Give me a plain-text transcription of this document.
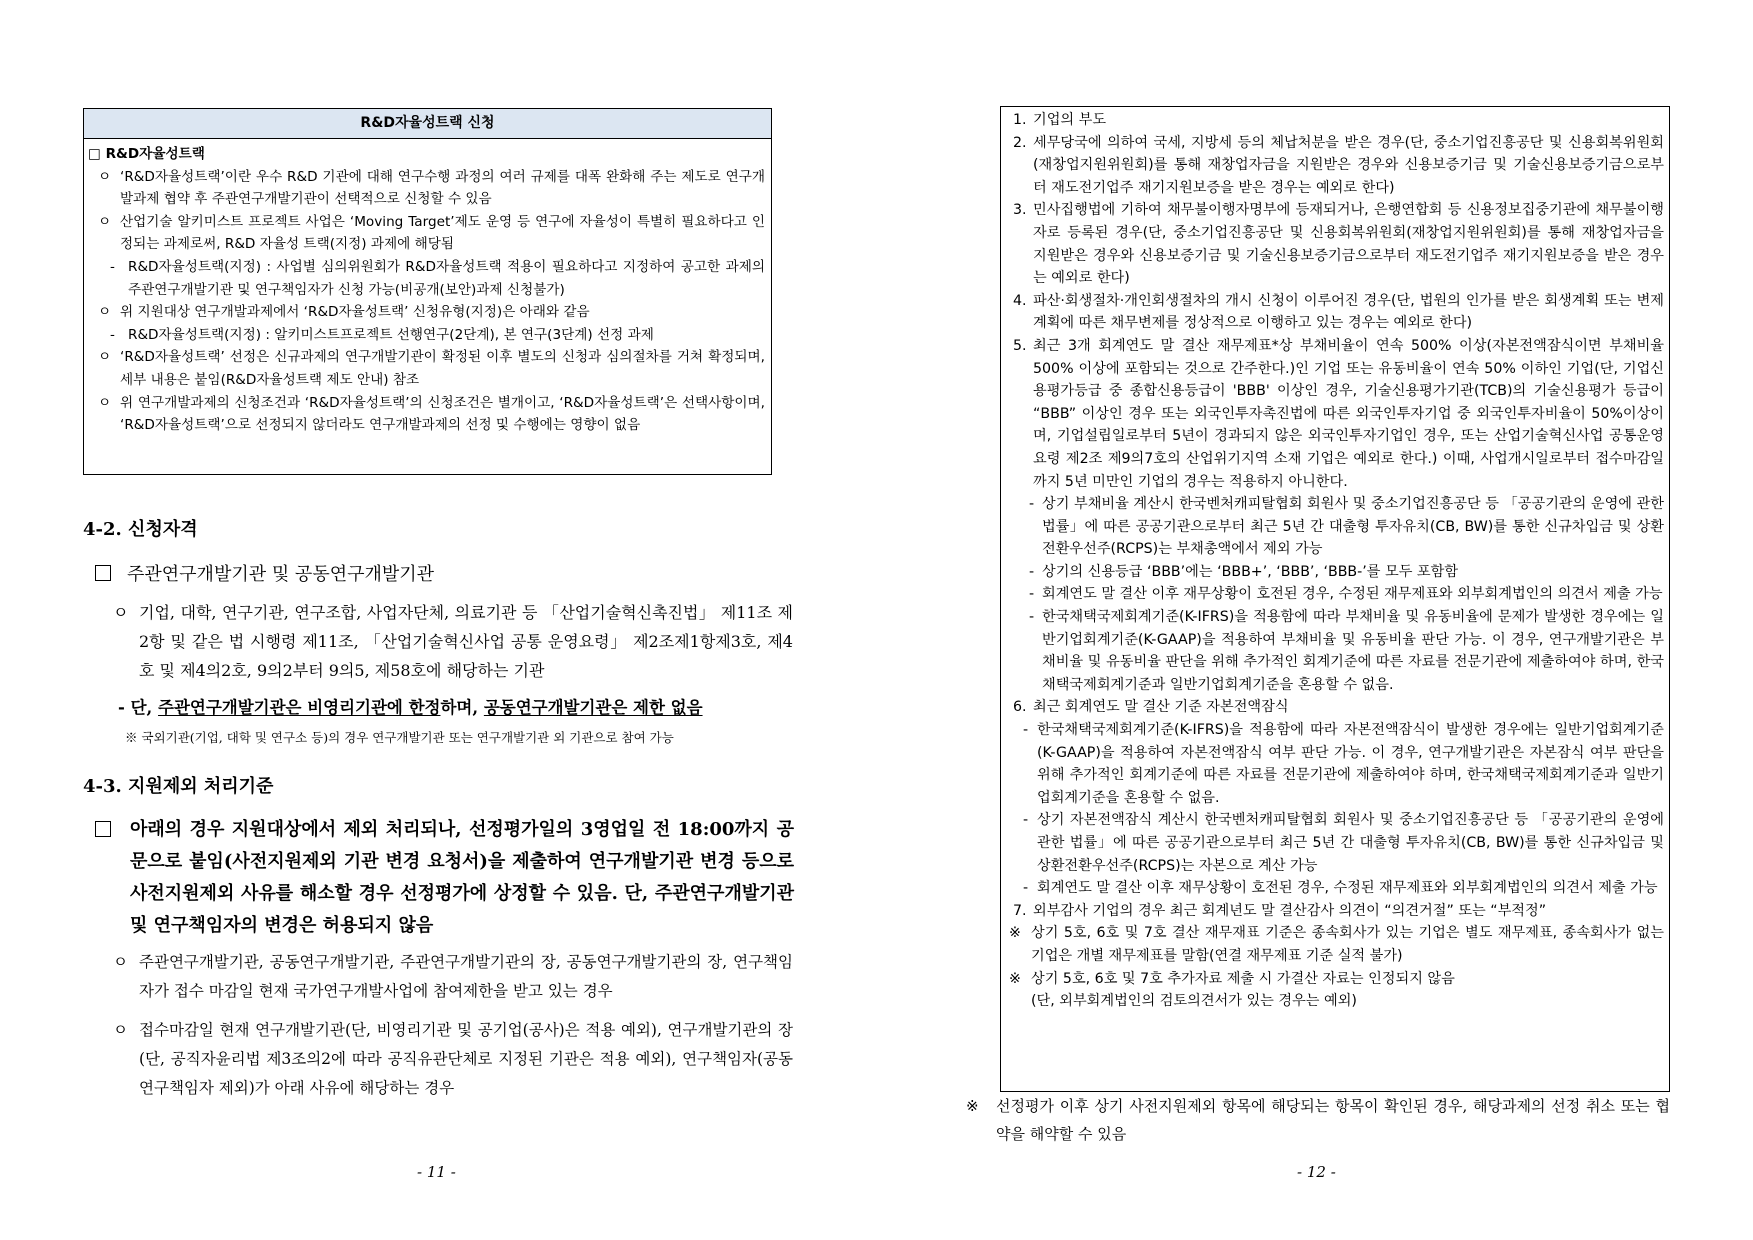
R&D자율성트랙 신청
□ R&D자율성트랙
ㅇ ‘R&D자율성트랙’이란 우수 R&D 기관에 대해 연구수행 과정의 여러 규제를 대폭 완화해 주는 제도로 연구개발과제 협약 후 주관연구개발기관이 선택적으로 신청할 수 있음
ㅇ 산업기술 알키미스트 프로젝트 사업은 ‘Moving Target’제도 운영 등 연구에 자율성이 특별히 필요하다고 인정되는 과제로써, R&D 자율성 트랙(지정) 과제에 해당됨
- R&D자율성트랙(지정) : 사업별 심의위원회가 R&D자율성트랙 적용이 필요하다고 지정하여 공고한 과제의 주관연구개발기관 및 연구책임자가 신청 가능(비공개(보안)과제 신청불가)
ㅇ 위 지원대상 연구개발과제에서 ‘R&D자율성트랙’ 신청유형(지정)은 아래와 같음
- R&D자율성트랙(지정) : 알키미스트프로젝트 선행연구(2단계), 본 연구(3단계) 선정 과제
ㅇ ‘R&D자율성트랙’ 선정은 신규과제의 연구개발기관이 확정된 이후 별도의 신청과 심의절차를 거쳐 확정되며, 세부 내용은 붙임(R&D자율성트랙 제도 안내) 참조
ㅇ 위 연구개발과제의 신청조건과 ‘R&D자율성트랙’의 신청조건은 별개이고, ‘R&D자율성트랙’은 선택사항이며, ‘R&D자율성트랙’으로 선정되지 않더라도 연구개발과제의 선정 및 수행에는 영향이 없음
4-2. 신청자격
주관연구개발기관 및 공동연구개발기관
ㅇ 기업, 대학, 연구기관, 연구조합, 사업자단체, 의료기관 등 「산업기술혁신촉진법」 제11조 제2항 및 같은 법 시행령 제11조, 「산업기술혁신사업 공통 운영요령」 제2조제1항제3호, 제4호 및 제4의2호, 9의2부터 9의5, 제58호에 해당하는 기관
- 단, 주관연구개발기관은 비영리기관에 한정하며, 공동연구개발기관은 제한 없음
※ 국외기관(기업, 대학 및 연구소 등)의 경우 연구개발기관 또는 연구개발기관 외 기관으로 참여 가능
4-3. 지원제외 처리기준
아래의 경우 지원대상에서 제외 처리되나, 선정평가일의 3영업일 전 18:00까지 공문으로 붙임(사전지원제외 기관 변경 요청서)을 제출하여 연구개발기관 변경 등으로 사전지원제외 사유를 해소할 경우 선정평가에 상정할 수 있음. 단, 주관연구개발기관 및 연구책임자의 변경은 허용되지 않음
ㅇ 주관연구개발기관, 공동연구개발기관, 주관연구개발기관의 장, 공동연구개발기관의 장, 연구책임자가 접수 마감일 현재 국가연구개발사업에 참여제한을 받고 있는 경우
ㅇ 접수마감일 현재 연구개발기관(단, 비영리기관 및 공기업(공사)은 적용 예외), 연구개발기관의 장(단, 공직자윤리법 제3조의2에 따라 공직유관단체로 지정된 기관은 적용 예외), 연구책임자(공동연구책임자 제외)가 아래 사유에 해당하는 경우
- 11 -
1. 기업의 부도
2. 세무당국에 의하여 국세, 지방세 등의 체납처분을 받은 경우(단, 중소기업진흥공단 및 신용회복위원회(재창업지원위원회)를 통해 재창업자금을 지원받은 경우와 신용보증기금 및 기술신용보증기금으로부터 재도전기업주 재기지원보증을 받은 경우는 예외로 한다)
3. 민사집행법에 기하여 채무불이행자명부에 등재되거나, 은행연합회 등 신용정보집중기관에 채무불이행자로 등록된 경우(단, 중소기업진흥공단 및 신용회복위원회(재창업지원위원회)를 통해 재창업자금을 지원받은 경우와 신용보증기금 및 기술신용보증기금으로부터 재도전기업주 재기지원보증을 받은 경우는 예외로 한다)
4. 파산·회생절차·개인회생절차의 개시 신청이 이루어진 경우(단, 법원의 인가를 받은 회생계획 또는 변제계획에 따른 채무변제를 정상적으로 이행하고 있는 경우는 예외로 한다)
5. 최근 3개 회계연도 말 결산 재무제표*상 부채비율이 연속 500% 이상(자본전액잠식이면 부채비율 500% 이상에 포함되는 것으로 간주한다.)인 기업 또는 유동비율이 연속 50% 이하인 기업(단, 기업신용평가등급 중 종합신용등급이 'BBB' 이상인 경우, 기술신용평가기관(TCB)의 기술신용평가 등급이 “BBB” 이상인 경우 또는 외국인투자촉진법에 따른 외국인투자기업 중 외국인투자비율이 50%이상이며, 기업설립일로부터 5년이 경과되지 않은 외국인투자기업인 경우, 또는 산업기술혁신사업 공통운영요령 제2조 제9의7호의 산업위기지역 소재 기업은 예외로 한다.) 이때, 사업개시일로부터 접수마감일까지 5년 미만인 기업의 경우는 적용하지 아니한다.
- 상기 부채비율 계산시 한국벤처캐피탈협회 회원사 및 중소기업진흥공단 등 「공공기관의 운영에 관한 법률」에 따른 공공기관으로부터 최근 5년 간 대출형 투자유치(CB, BW)를 통한 신규차입금 및 상환전환우선주(RCPS)는 부채총액에서 제외 가능
- 상기의 신용등급 ‘BBB’에는 ‘BBB+’, ‘BBB’, ‘BBB-’를 모두 포함함
- 회계연도 말 결산 이후 재무상황이 호전된 경우, 수정된 재무제표와 외부회계법인의 의견서 제출 가능
- 한국채택국제회계기준(K-IFRS)을 적용함에 따라 부채비율 및 유동비율에 문제가 발생한 경우에는 일반기업회계기준(K-GAAP)을 적용하여 부채비율 및 유동비율 판단 가능. 이 경우, 연구개발기관은 부채비율 및 유동비율 판단을 위해 추가적인 회계기준에 따른 자료를 전문기관에 제출하여야 하며, 한국채택국제회계기준과 일반기업회계기준을 혼용할 수 없음.
6. 최근 회계연도 말 결산 기준 자본전액잠식
- 한국채택국제회계기준(K-IFRS)을 적용함에 따라 자본전액잠식이 발생한 경우에는 일반기업회계기준(K-GAAP)을 적용하여 자본전액잠식 여부 판단 가능. 이 경우, 연구개발기관은 자본잠식 여부 판단을 위해 추가적인 회계기준에 따른 자료를 전문기관에 제출하여야 하며, 한국채택국제회계기준과 일반기업회계기준을 혼용할 수 없음.
- 상기 자본전액잠식 계산시 한국벤처캐피탈협회 회원사 및 중소기업진흥공단 등 「공공기관의 운영에 관한 법률」에 따른 공공기관으로부터 최근 5년 간 대출형 투자유치(CB, BW)를 통한 신규차입금 및 상환전환우선주(RCPS)는 자본으로 계산 가능
- 회계연도 말 결산 이후 재무상황이 호전된 경우, 수정된 재무제표와 외부회계법인의 의견서 제출 가능
7. 외부감사 기업의 경우 최근 회계년도 말 결산감사 의견이 “의견거절” 또는 “부적정”
※ 상기 5호, 6호 및 7호 결산 재무재표 기준은 종속회사가 있는 기업은 별도 재무제표, 종속회사가 없는 기업은 개별 재무제표를 말함(연결 재무제표 기준 실적 불가)
※ 상기 5호, 6호 및 7호 추가자료 제출 시 가결산 자료는 인정되지 않음
(단, 외부회계법인의 검토의견서가 있는 경우는 예외)
※	선정평가 이후 상기 사전지원제외 항목에 해당되는 항목이 확인된 경우, 해당과제의 선정 취소 또는 협약을 해약할 수 있음
- 12 -
